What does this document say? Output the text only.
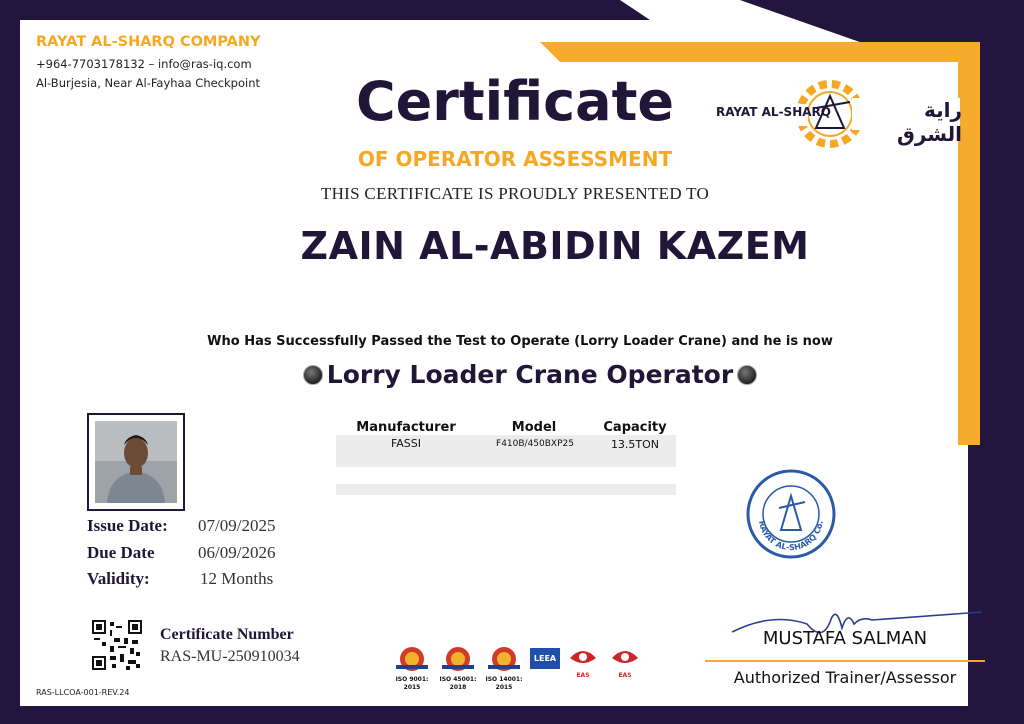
RAYAT AL-SHARQ COMPANY
+964-7703178132 – info@ras-iq.com
Al-Burjesia, Near Al-Fayhaa Checkpoint
RAYAT AL-SHARQ	راية الشرق
Certificate
OF OPERATOR ASSESSMENT
THIS CERTIFICATE IS PROUDLY PRESENTED TO
ZAIN AL-ABIDIN KAZEM
Who Has Successfully Passed the Test to Operate (Lorry Loader Crane) and he is now
Lorry Loader Crane Operator
Issue Date: 07/09/2025
Due Date	06/09/2026
Validity:	12 Months
Manufacturer	Model	Capacity
FASSI	F410B/450BXP25	13.5TON
Certificate Number
RAS-MU-250910034
RAS-LLCOA-001-REV.24
ISO 9001:
2015
ISO 45001:
2018
ISO 14001:
2015
LEEA
EAS	EAS
RAYAT AL-SHARQ Co.
MUSTAFA SALMAN
Authorized Trainer/Assessor
